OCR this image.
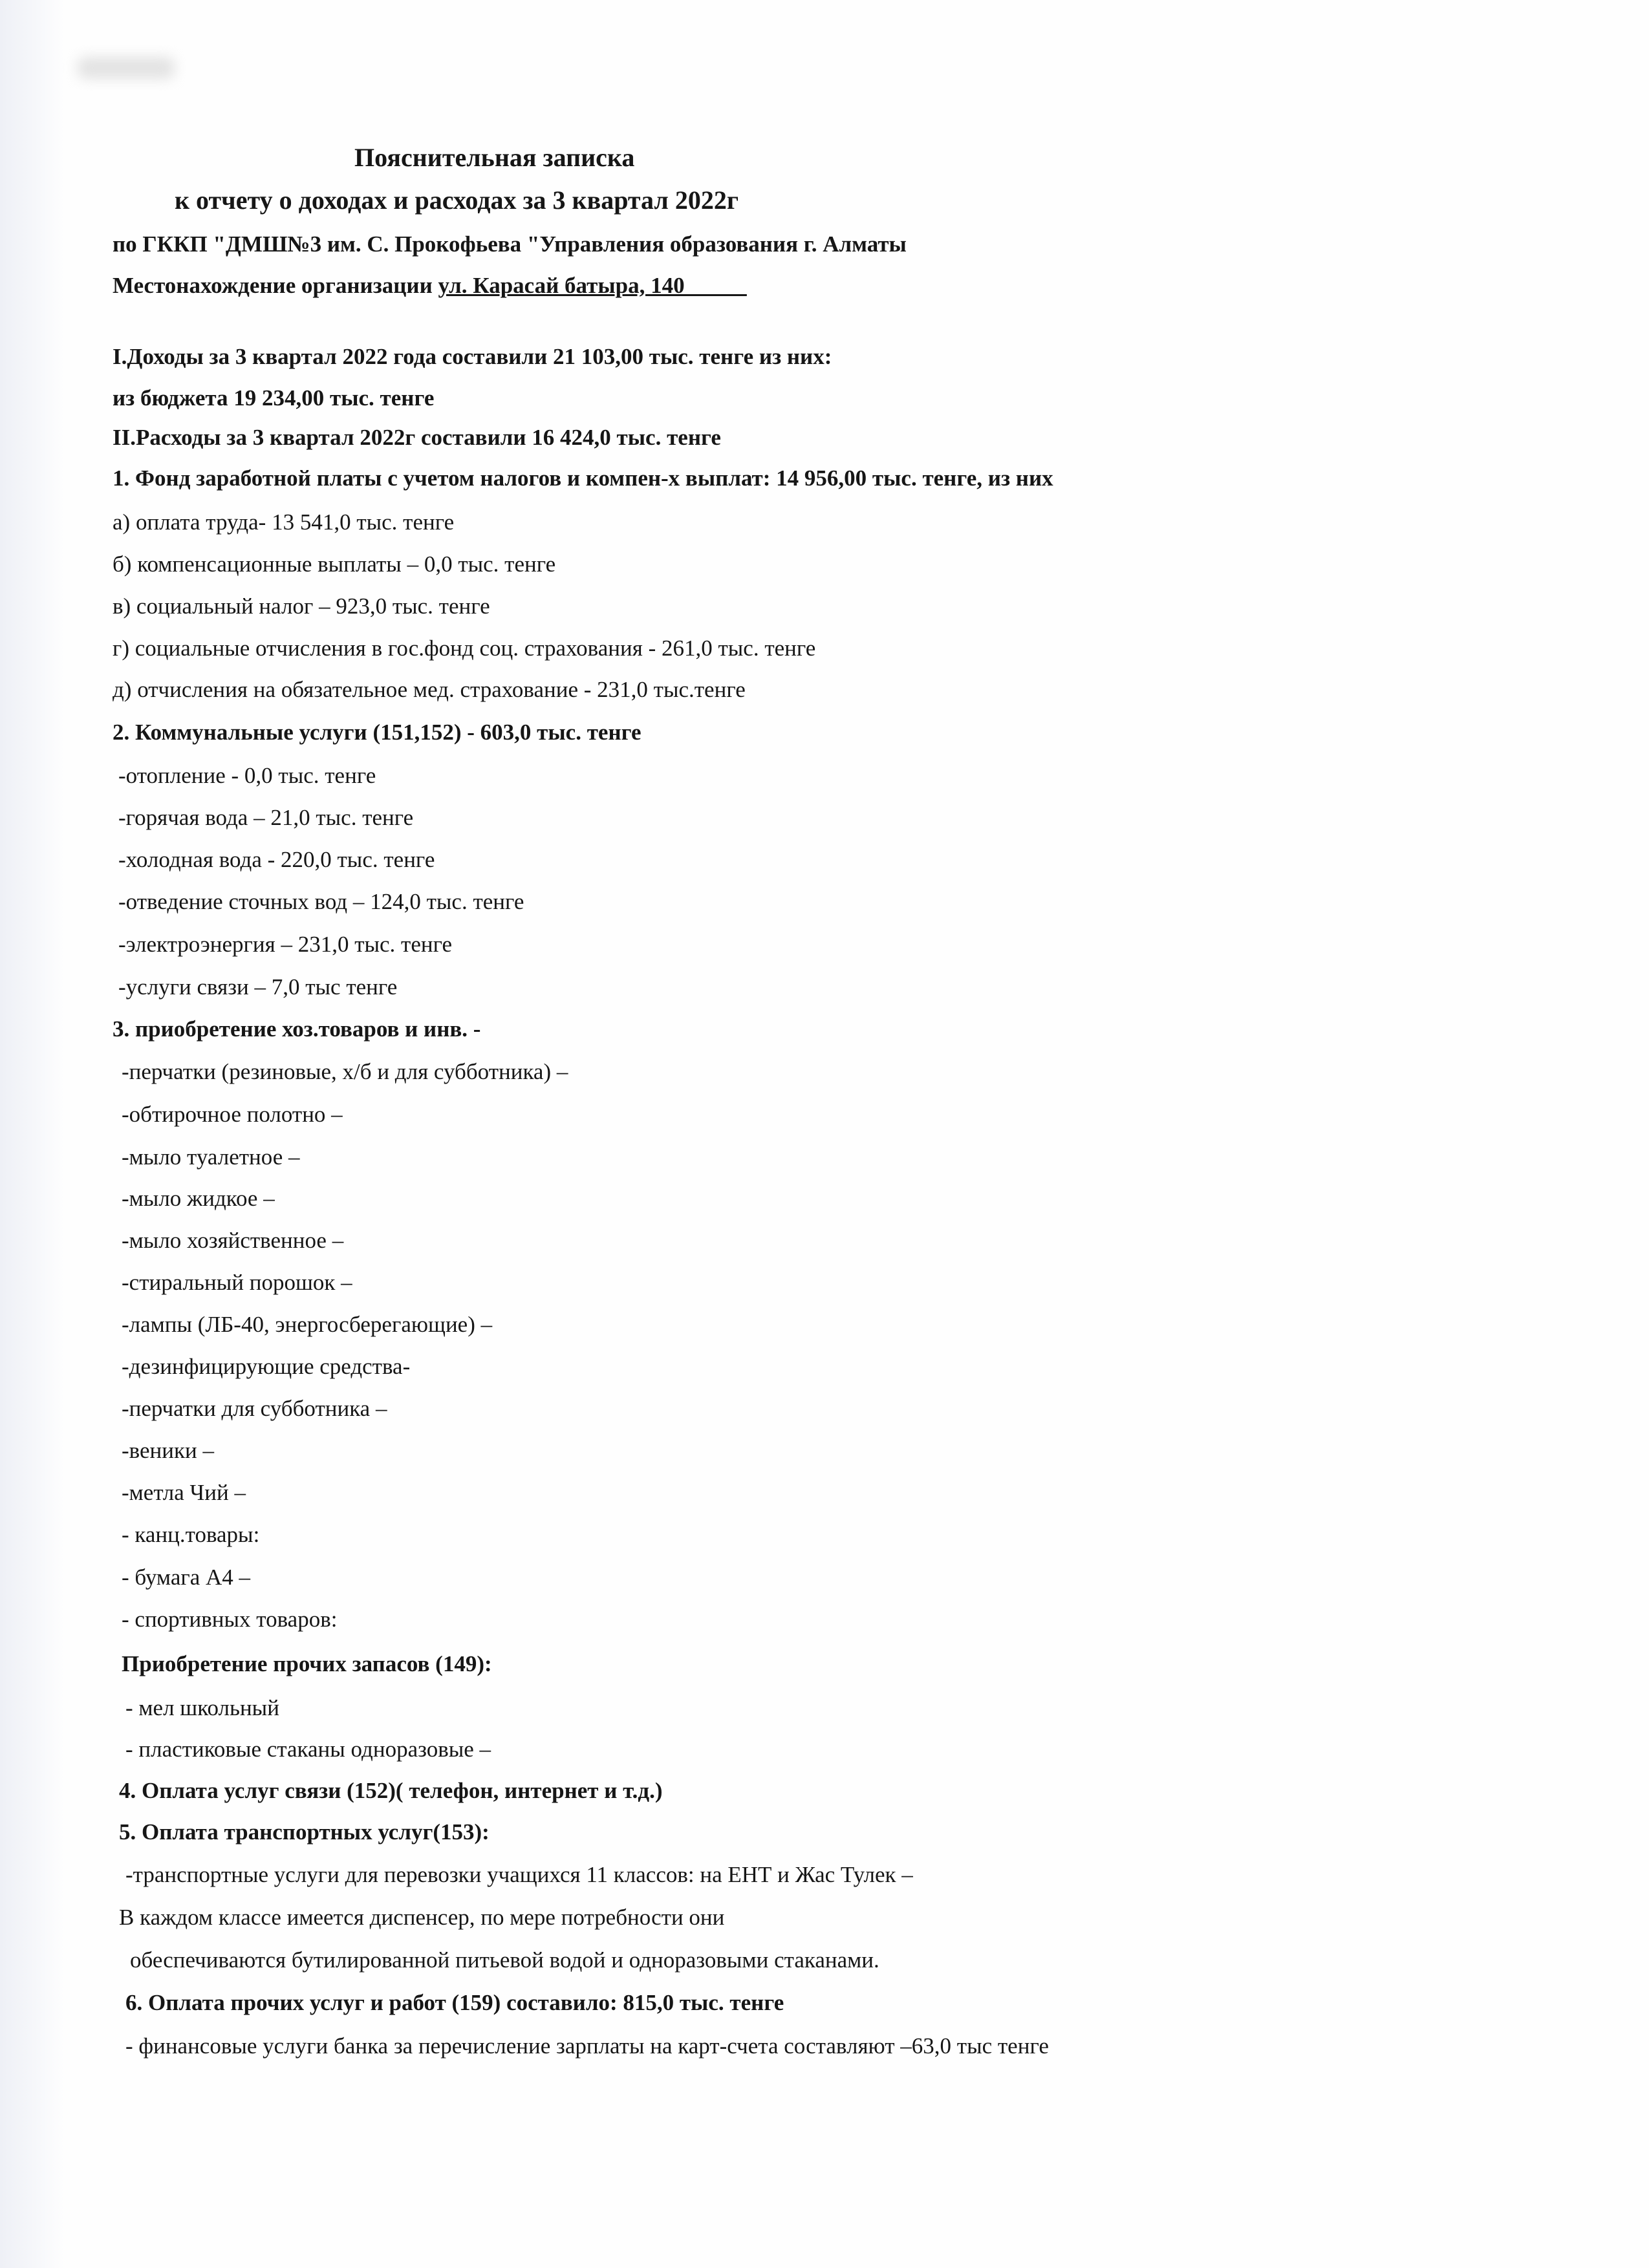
Пояснительная записка
к отчету о доходах и расходах за 3 квартал 2022г
по ГККП "ДМШ№3 им. С. Прокофьева "Управления образования г. Алматы
Местонахождение организации ул. Карасай батыра, 140
I.Доходы за 3 квартал 2022 года составили 21 103,00 тыс. тенге из них:
из бюджета 19 234,00 тыс. тенге
II.Расходы за 3 квартал 2022г составили 16 424,0 тыс. тенге
1. Фонд заработной платы с учетом налогов и компен-х выплат: 14 956,00 тыс. тенге, из них
а) оплата труда- 13 541,0 тыс. тенге
б) компенсационные выплаты – 0,0 тыс. тенге
в) социальный налог – 923,0 тыс. тенге
г) социальные отчисления в гос.фонд соц. страхования - 261,0 тыс. тенге
д) отчисления на обязательное мед. страхование - 231,0 тыс.тенге
2. Коммунальные услуги (151,152) - 603,0 тыс. тенге
-отопление - 0,0 тыс. тенге
-горячая вода – 21,0 тыс. тенге
-холодная вода - 220,0 тыс. тенге
-отведение сточных вод – 124,0 тыс. тенге
-электроэнергия – 231,0 тыс. тенге
-услуги связи – 7,0 тыс тенге
3. приобретение хоз.товаров и инв. -
-перчатки (резиновые, х/б и для субботника) –
-обтирочное полотно –
-мыло туалетное –
-мыло жидкое –
-мыло хозяйственное –
-стиральный порошок –
-лампы (ЛБ-40, энергосберегающие) –
-дезинфицирующие средства-
-перчатки для субботника –
-веники –
-метла Чий –
- канц.товары:
- бумага А4 –
- спортивных товаров:
Приобретение прочих запасов (149):
- мел школьный
- пластиковые стаканы одноразовые –
4. Оплата услуг связи (152)( телефон, интернет и т.д.)
5. Оплата транспортных услуг(153):
-транспортные услуги для перевозки учащихся 11 классов: на ЕНТ и Жас Тулек –
В каждом классе имеется диспенсер, по мере потребности они
обеспечиваются бутилированной питьевой водой и одноразовыми стаканами.
6. Оплата прочих услуг и работ (159) составило: 815,0 тыс. тенге
- финансовые услуги банка за перечисление зарплаты на карт-счета составляют –63,0 тыс тенге
